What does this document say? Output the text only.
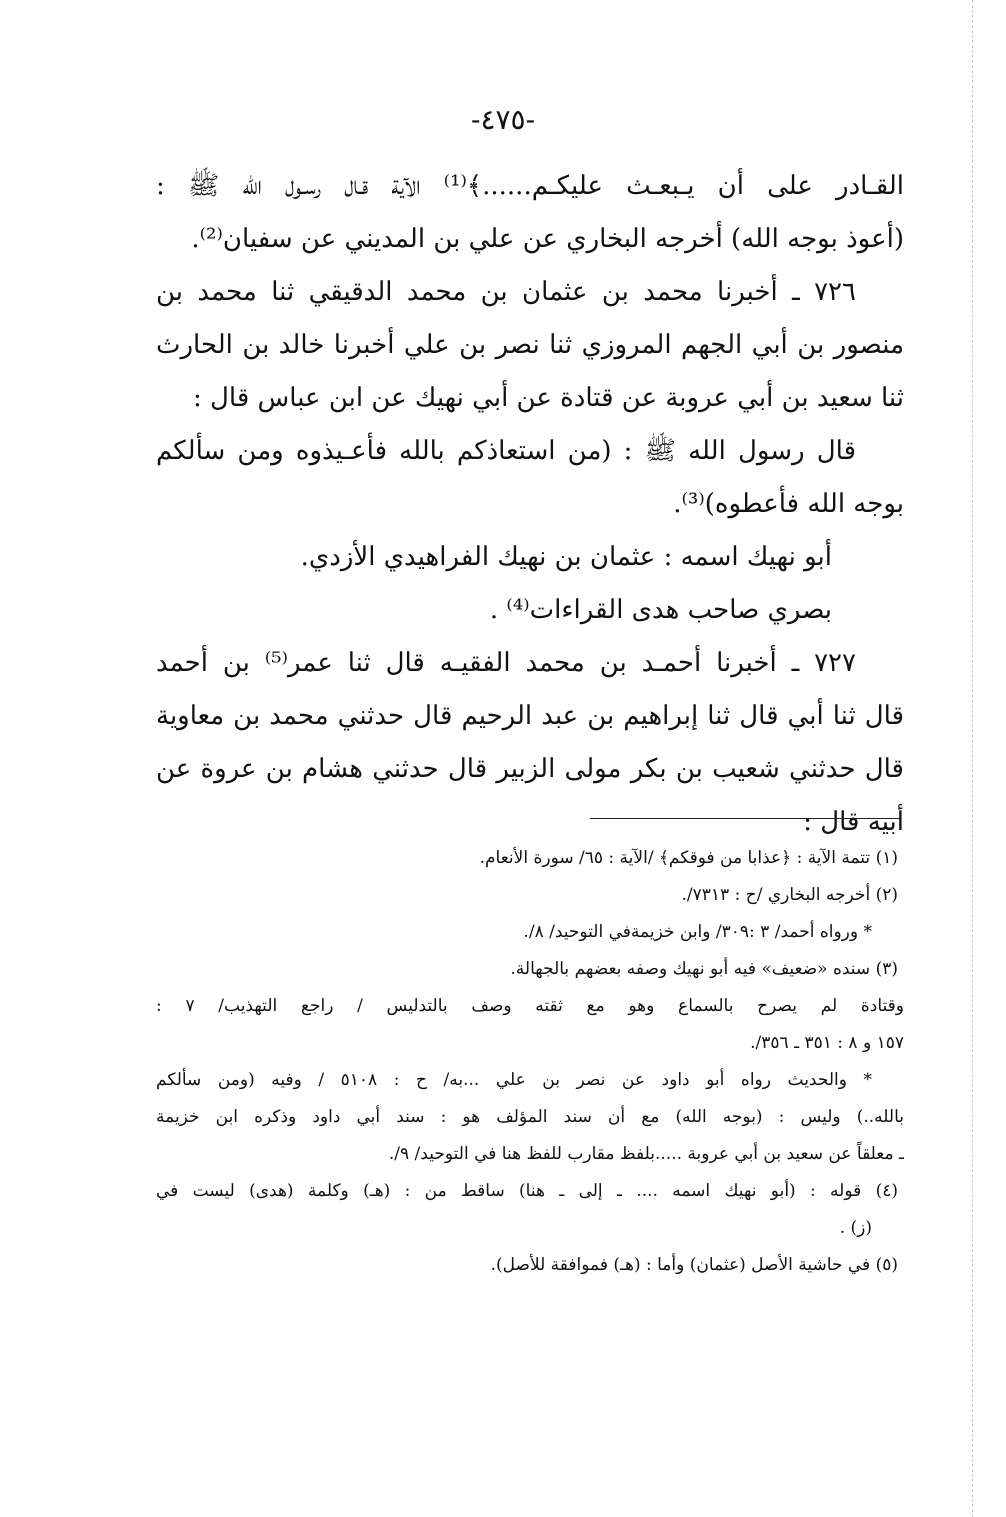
-٤٧٥-
القـادر على أن يـبعـث عليكـم......﴾⁽¹⁾ الآية قـال رسـول الله ﷺ :
(أعوذ بوجه الله) أخرجه البخاري عن علي بن المديني عن سفيان⁽²⁾.
٧٢٦ ـ أخبرنا محمد بن عثمان بن محمد الدقيقي ثنا محمد بن
منصور بن أبي الجهم المروزي ثنا نصر بن علي أخبرنا خالد بن الحارث
ثنا سعيد بن أبي عروبة عن قتادة عن أبي نهيك عن ابن عباس قال :
قال رسول الله ﷺ : (من استعاذكم بالله فأعـيذوه ومن سألكم
بوجه الله فأعطوه)⁽³⁾.
أبو نهيك اسمه : عثمان بن نهيك الفراهيدي الأزدي.
بصري صاحب هدى القراءات⁽⁴⁾ .
٧٢٧ ـ أخبرنا أحمـد بن محمد الفقيـه قال ثنا عمر⁽⁵⁾ بن أحمد
قال ثنا أبي قال ثنا إبراهيم بن عبد الرحيم قال حدثني محمد بن معاوية
قال حدثني شعيب بن بكر مولى الزبير قال حدثني هشام بن عروة عن
أبيه قال :
(١) تتمة الآية : ﴿عذابا من فوقكم﴾ /الآية : ٦٥/ سورة الأنعام.
(٢) أخرجه البخاري /ح : ٧٣١٣/.
* ورواه أحمد/ ٣ :٣٠٩/ وابن خزيمةفي التوحيد/ ٨/.
(٣) سنده «ضعيف» فيه أبو نهيك وصفه بعضهم بالجهالة.
وقتادة لم يصرح بالسماع وهو مع ثقته وصف بالتدليس / راجع التهذيب/ ٧ :
١٥٧ و ٨ : ٣٥١ ـ ٣٥٦/.
* والحديث رواه أبو داود عن نصر بن علي ...به/ ح : ٥١٠٨ / وفيه (ومن سألكم
بالله..) وليس : (بوجه الله) مع أن سند المؤلف هو : سند أبي داود وذكره ابن خزيمة
ـ معلقاً عن سعيد بن أبي عروبة .....بلفظ مقارب للفظ هنا في التوحيد/ ٩/.
(٤) قوله : (أبو نهيك اسمه .... ـ إلى ـ هنا) ساقط من : (هـ) وكلمة (هدى) ليست في
(ز) .
(٥) في حاشية الأصل (عثمان) وأما : (هـ) فموافقة للأصل).
